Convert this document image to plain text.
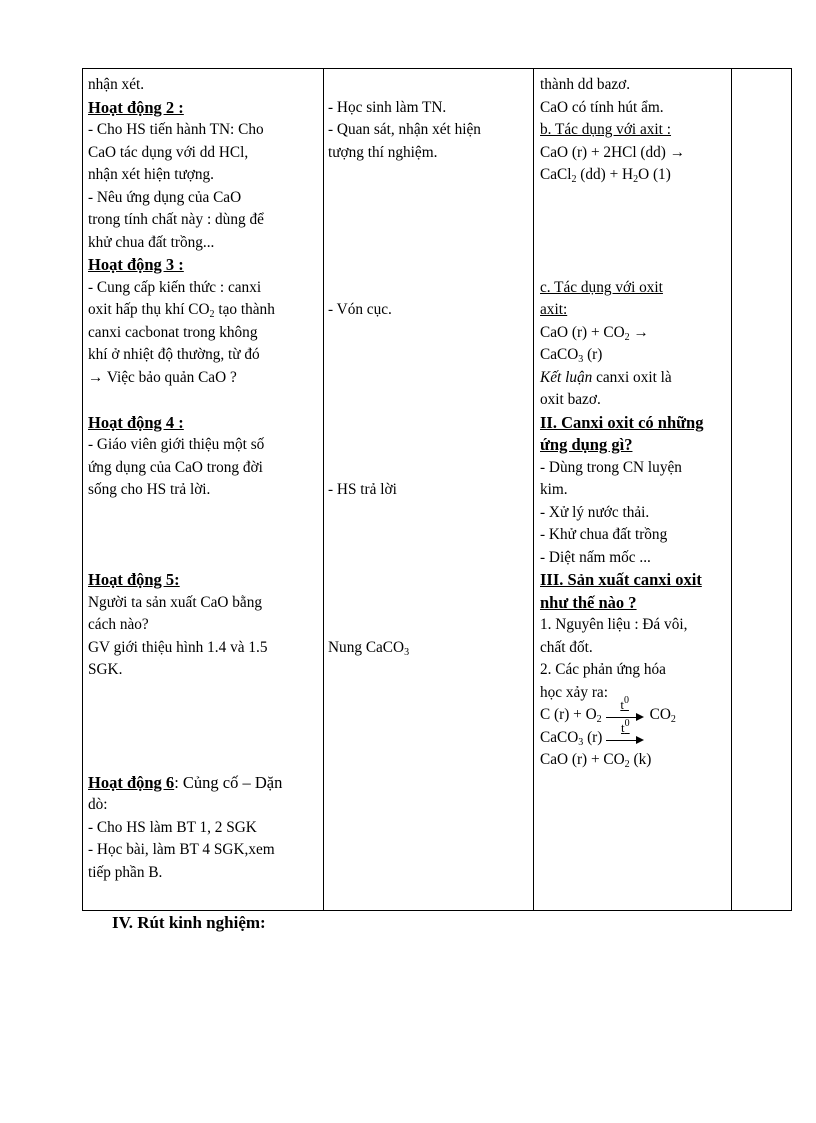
nhận xét.
Hoạt động 2 :
- Cho HS tiến hành TN: Cho
CaO tác dụng với dd HCl,
nhận xét hiện tượng.
- Nêu ứng dụng của CaO
trong tính chất này : dùng để
khử chua đất trồng...
Hoạt động 3 :
- Cung cấp kiến thức : canxi
oxit hấp thụ khí $CO_2$ tạo thành
canxi cacbonat trong không
khí ở nhiệt độ thường, từ đó
→ Việc bảo quản CaO ?
Hoạt động 4 :
- Giáo viên giới thiệu một số
ứng dụng của CaO trong đời
sống cho HS trả lời.
Hoạt động 5:
Người ta sản xuất CaO bằng
cách nào?
GV giới thiệu hình 1.4 và 1.5
SGK.
Hoạt động 6: Củng cố – Dặn
dò:
- Cho HS làm BT 1, 2 SGK
- Học bài, làm BT 4 SGK,xem
tiếp phần B.
- Học sinh làm TN.
- Quan sát, nhận xét hiện
tượng thí nghiệm.
- Vón cục.
- HS trả lời
Nung CaCO$_3$
thành dd bazơ.
CaO có tính hút ẩm.
b. Tác dụng với axit :
CaO (r) + 2HCl (dd) →
CaCl$_2$ $(dd) + H_2O$ (1)
c. Tác dụng với oxit
axit:
CaO $(r) + CO_2$ →
CaCO$_3$ (r)
Kết luận canxi oxit là
oxit bazơ.
II. Canxi oxit có những
ứng dụng gì?
- Dùng trong CN luyện
kim.
- Xử lý nước thải.
- Khử chua đất trồng
- Diệt nấm mốc ...
III. Sản xuất canxi oxit
như thế nào ?
1. Nguyên liệu : Đá vôi,
chất đốt.
2. Các phản ứng hóa
học xảy ra:
C $(r) + O_2$
$t^0$
$CO_2$
CaCO$_3$ (r)
$t^0$
CaO $(r) + CO_2$ (k)
IV. Rút kinh nghiệm:
